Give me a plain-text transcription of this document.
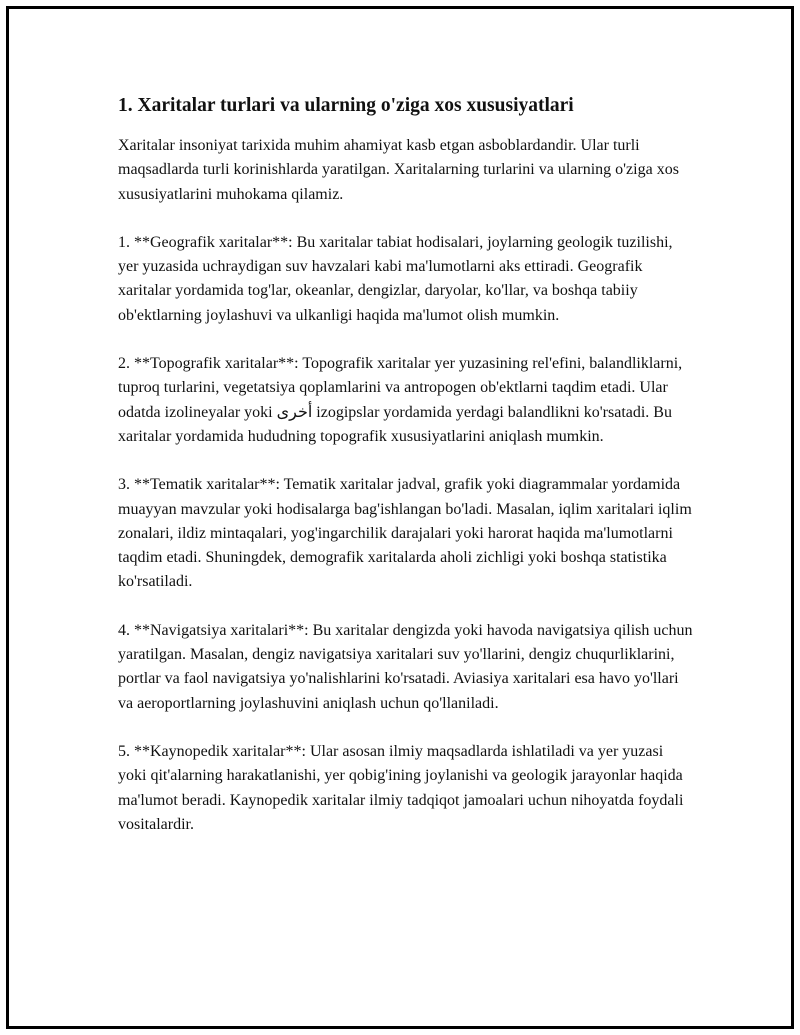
1. Xaritalar turlari va ularning o'ziga xos xususiyatlari

Xaritalar insoniyat tarixida muhim ahamiyat kasb etgan asboblardandir. Ular turli maqsadlarda turli korinishlarda yaratilgan. Xaritalarning turlarini va ularning o'ziga xos xususiyatlarini muhokama qilamiz.

1. **Geografik xaritalar**: Bu xaritalar tabiat hodisalari, joylarning geologik tuzilishi, yer yuzasida uchraydigan suv havzalari kabi ma'lumotlarni aks ettiradi. Geografik xaritalar yordamida tog'lar, okeanlar, dengizlar, daryolar, ko'llar, va boshqa tabiiy ob'ektlarning joylashuvi va ulkanligi haqida ma'lumot olish mumkin.

2. **Topografik xaritalar**: Topografik xaritalar yer yuzasining rel'efini, balandliklarni, tuproq turlarini, vegetatsiya qoplamlarini va antropogen ob'ektlarni taqdim etadi. Ular odatda izolineyalar yoki أخرى izogipslar yordamida yerdagi balandlikni ko'rsatadi. Bu xaritalar yordamida hududning topografik xususiyatlarini aniqlash mumkin.

3. **Tematik xaritalar**: Tematik xaritalar jadval, grafik yoki diagrammalar yordamida muayyan mavzular yoki hodisalarga bag'ishlangan bo'ladi. Masalan, iqlim xaritalari iqlim zonalari, ildiz mintaqalari, yog'ingarchilik darajalari yoki harorat haqida ma'lumotlarni taqdim etadi. Shuningdek, demografik xaritalarda aholi zichligi yoki boshqa statistika ko'rsatiladi.

4. **Navigatsiya xaritalari**: Bu xaritalar dengizda yoki havoda navigatsiya qilish uchun yaratilgan. Masalan, dengiz navigatsiya xaritalari suv yo'llarini, dengiz chuqurliklarini, portlar va faol navigatsiya yo'nalishlarini ko'rsatadi. Aviasiya xaritalari esa havo yo'llari va aeroportlarning joylashuvini aniqlash uchun qo'llaniladi.

5. **Kaynopedik xaritalar**: Ular asosan ilmiy maqsadlarda ishlatiladi va yer yuzasi yoki qit'alarning harakatlanishi, yer qobig'ining joylanishi va geologik jarayonlar haqida ma'lumot beradi. Kaynopedik xaritalar ilmiy tadqiqot jamoalari uchun nihoyatda foydali vositalardir.
